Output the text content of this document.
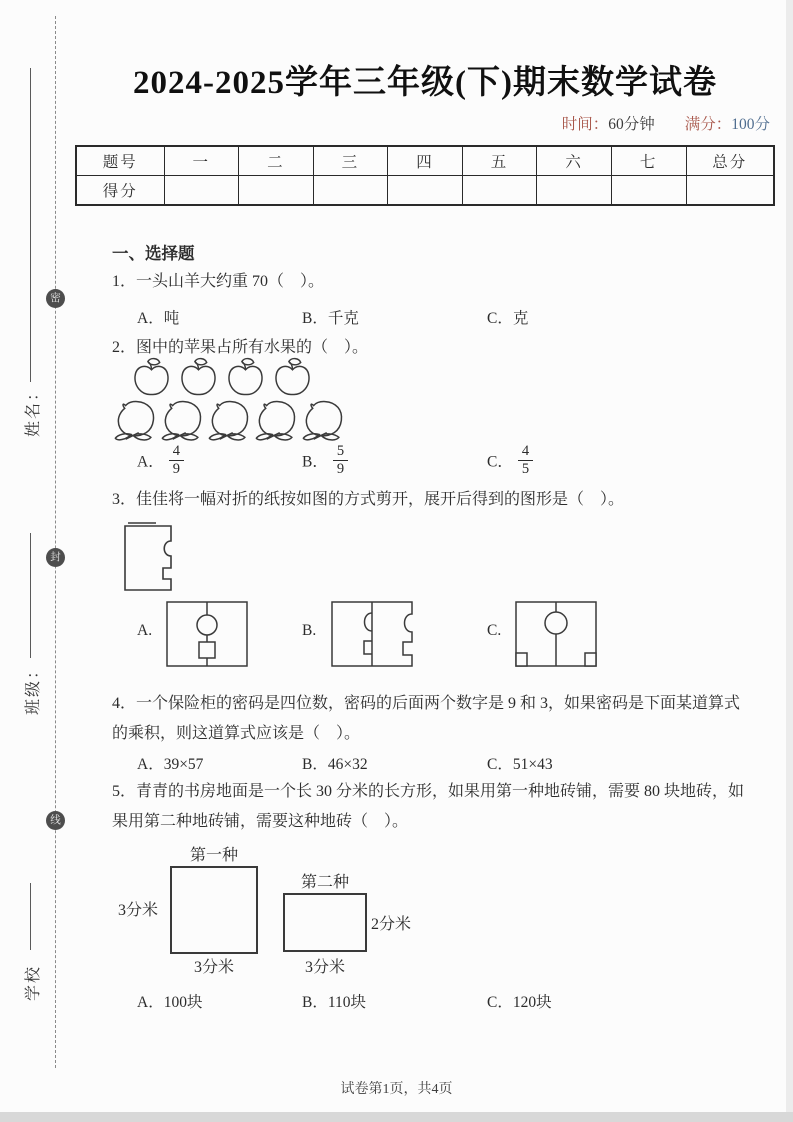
姓名：
班级：
学校
密
封
线
2024-2025学年三年级(下)期末数学试卷
时间：60分钟 满分：100分
题号	一	二	三	四	五	六	七	总分
得分								
一、选择题
1．一头山羊大约重 70（　）。
A．吨	B．千克	C．克
2．图中的苹果占所有水果的（　）。
A． $\frac{4}{9}$	B． $\frac{5}{9}$	C． $\frac{4}{5}$
3．佳佳将一幅对折的纸按如图的方式剪开，展开后得到的图形是（　）。
A.	B.	C.
4．一个保险柜的密码是四位数，密码的后面两个数字是 9 和 3，如果密码是下面某道算式
的乘积，则这道算式应该是（　）。
A．39×57	B．46×32	C．51×43
5．青青的书房地面是一个长 30 分米的长方形，如果用第一种地砖铺，需要 80 块地砖，如
果用第二种地砖铺，需要这种地砖（　）。
第一种
3分米
3分米
第二种
2分米
3分米
A．100块	B．110块	C．120块
试卷第1页，共4页
